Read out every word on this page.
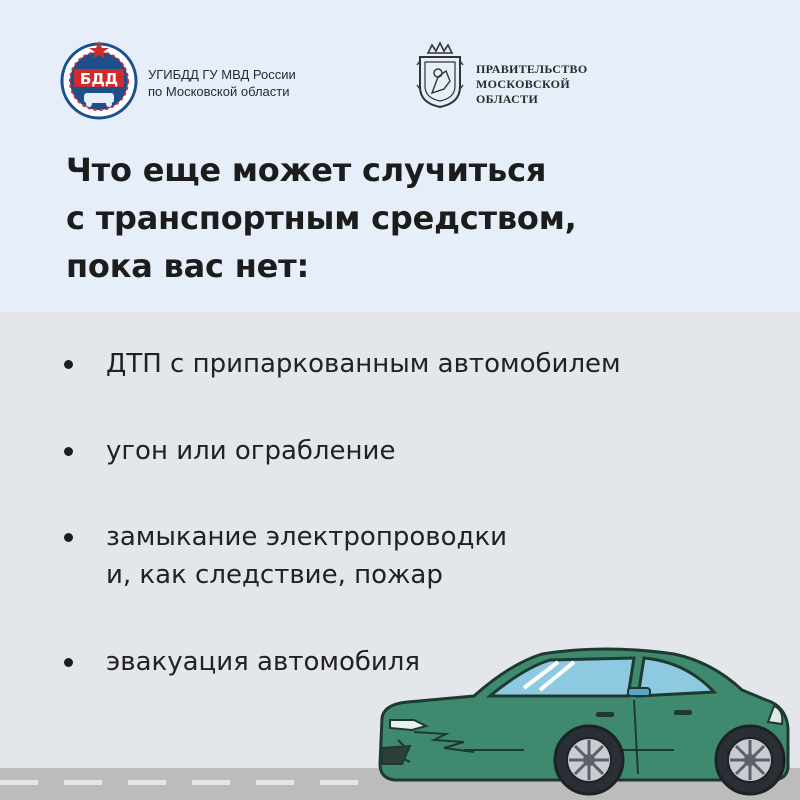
БДД УГИБДД ГУ МВД России
по Московской области
ПРАВИТЕЛЬСТВО
МОСКОВСКОЙ
ОБЛАСТИ
Что еще может случиться
с транспортным средством,
пока вас нет:
ДТП с припаркованным автомобилем
угон или ограбление
замыкание электропроводки
и, как следствие, пожар
эвакуация автомобиля
